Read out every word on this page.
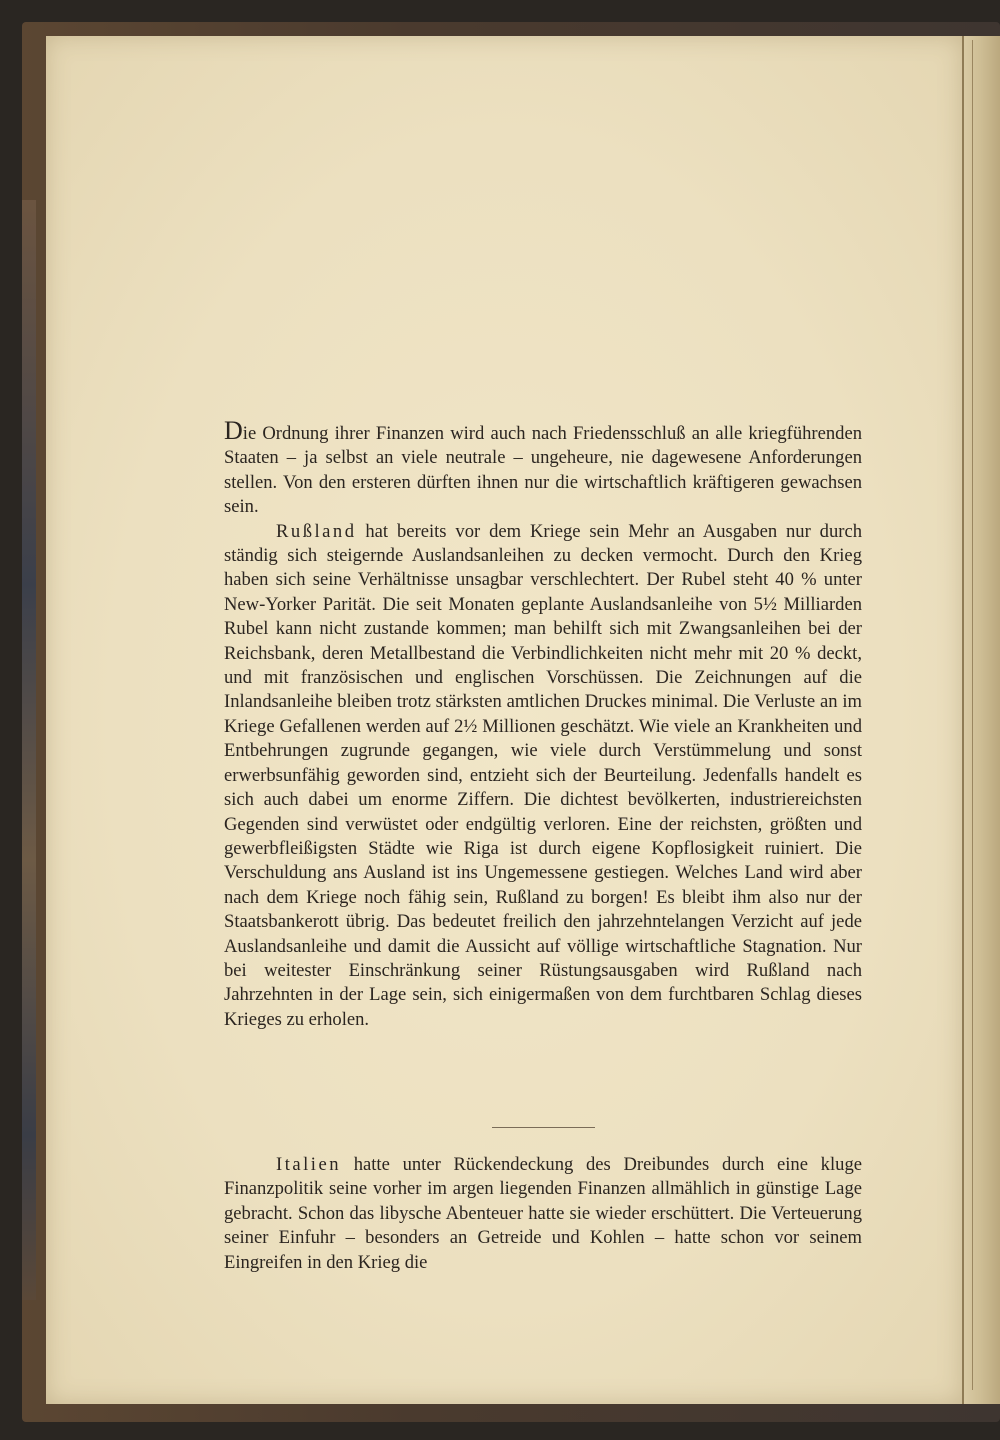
Die Ordnung ihrer Finanzen wird auch nach Friedensschluß an alle kriegführenden Staaten – ja selbst an viele neutrale – ungeheure, nie dagewesene Anforderungen stellen. Von den ersteren dürften ihnen nur die wirtschaftlich kräftigeren gewachsen sein.

Rußland hat bereits vor dem Kriege sein Mehr an Ausgaben nur durch ständig sich steigernde Auslandsanleihen zu decken vermocht. Durch den Krieg haben sich seine Verhältnisse unsagbar verschlechtert. Der Rubel steht 40 % unter New-Yorker Parität. Die seit Monaten geplante Auslandsanleihe von 5½ Milliarden Rubel kann nicht zustande kommen; man behilft sich mit Zwangsanleihen bei der Reichsbank, deren Metallbestand die Verbindlichkeiten nicht mehr mit 20 % deckt, und mit französischen und englischen Vorschüssen. Die Zeichnungen auf die Inlandsanleihe bleiben trotz stärksten amtlichen Druckes minimal. Die Verluste an im Kriege Gefallenen werden auf 2½ Millionen geschätzt. Wie viele an Krankheiten und Entbehrungen zugrunde gegangen, wie viele durch Verstümmelung und sonst erwerbsunfähig geworden sind, entzieht sich der Beurteilung. Jedenfalls handelt es sich auch dabei um enorme Ziffern. Die dichtest bevölkerten, industriereichsten Gegenden sind verwüstet oder endgültig verloren. Eine der reichsten, größten und gewerbfleißigsten Städte wie Riga ist durch eigene Kopflosigkeit ruiniert. Die Verschuldung ans Ausland ist ins Ungemessene gestiegen. Welches Land wird aber nach dem Kriege noch fähig sein, Rußland zu borgen! Es bleibt ihm also nur der Staatsbankerott übrig. Das bedeutet freilich den jahrzehntelangen Verzicht auf jede Auslandsanleihe und damit die Aussicht auf völlige wirtschaftliche Stagnation. Nur bei weitester Einschränkung seiner Rüstungsausgaben wird Rußland nach Jahrzehnten in der Lage sein, sich einigermaßen von dem furchtbaren Schlag dieses Krieges zu erholen.

Italien hatte unter Rückendeckung des Dreibundes durch eine kluge Finanzpolitik seine vorher im argen liegenden Finanzen allmählich in günstige Lage gebracht. Schon das libysche Abenteuer hatte sie wieder erschüttert. Die Verteuerung seiner Einfuhr – besonders an Getreide und Kohlen – hatte schon vor seinem Eingreifen in den Krieg die
